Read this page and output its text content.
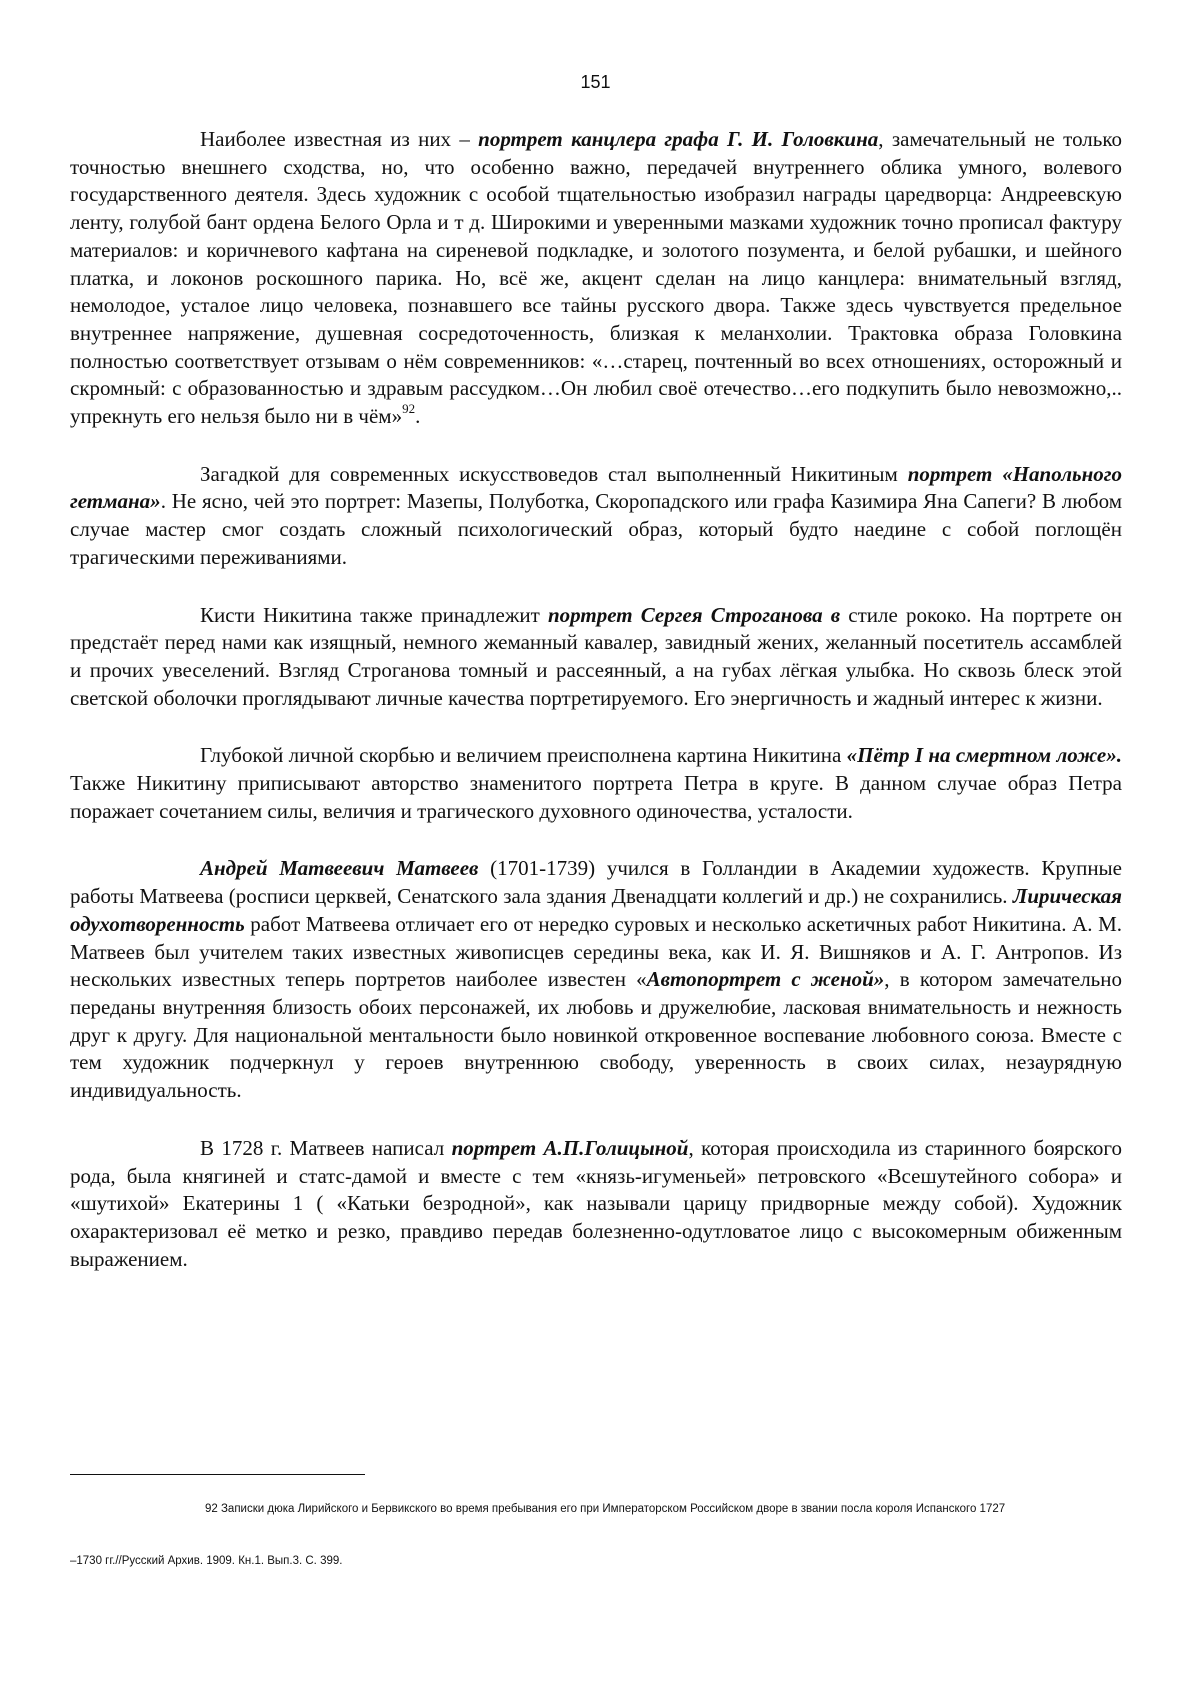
151

Наиболее известная из них – портрет канцлера графа Г. И. Головкина, замечательный не только точностью внешнего сходства, но, что особенно важно, передачей внутреннего облика умного, волевого государственного деятеля. Здесь художник с особой тщательностью изобразил награды царедворца: Андреевскую ленту, голубой бант ордена Белого Орла и т д. Широкими и уверенными мазками художник точно прописал фактуру материалов: и коричневого кафтана на сиреневой подкладке, и золотого позумента, и белой рубашки, и шейного платка, и локонов роскошного парика. Но, всё же, акцент сделан на лицо канцлера: внимательный взгляд, немолодое, усталое лицо человека, познавшего все тайны русского двора. Также здесь чувствуется предельное внутреннее напряжение, душевная сосредоточенность, близкая к меланхолии. Трактовка образа Головкина полностью соответствует отзывам о нём современников: «…старец, почтенный во всех отношениях, осторожный и скромный: с образованностью и здравым рассудком…Он любил своё отечество…его подкупить было невозможно,.. упрекнуть его нельзя было ни в чём»$^{92}$.

Загадкой для современных искусствоведов стал выполненный Никитиным портрет «Напольного гетмана». Не ясно, чей это портрет: Мазепы, Полуботка, Скоропадского или графа Казимира Яна Сапеги? В любом случае мастер смог создать сложный психологический образ, который будто наедине с собой поглощён трагическими переживаниями.

Кисти Никитина также принадлежит портрет Сергея Строганова в стиле рококо. На портрете он предстаёт перед нами как изящный, немного жеманный кавалер, завидный жених, желанный посетитель ассамблей и прочих увеселений. Взгляд Строганова томный и рассеянный, а на губах лёгкая улыбка. Но сквозь блеск этой светской оболочки проглядывают личные качества портретируемого. Его энергичность и жадный интерес к жизни.

Глубокой личной скорбью и величием преисполнена картина Никитина «Пётр I на смертном ложе». Также Никитину приписывают авторство знаменитого портрета Петра в круге. В данном случае образ Петра поражает сочетанием силы, величия и трагического духовного одиночества, усталости.

Андрей Матвеевич Матвеев (1701-1739) учился в Голландии в Академии художеств. Крупные работы Матвеева (росписи церквей, Сенатского зала здания Двенадцати коллегий и др.) не сохранились. Лирическая одухотворенность работ Матвеева отличает его от нередко суровых и несколько аскетичных работ Никитина. А. М. Матвеев был учителем таких известных живописцев середины века, как И. Я. Вишняков и А. Г. Антропов. Из нескольких известных теперь портретов наиболее известен «Автопортрет с женой», в котором замечательно переданы внутренняя близость обоих персонажей, их любовь и дружелюбие, ласковая внимательность и нежность друг к другу. Для национальной ментальности было новинкой откровенное воспевание любовного союза. Вместе с тем художник подчеркнул у героев внутреннюю свободу, уверенность в своих силах, незаурядную индивидуальность.

В 1728 г. Матвеев написал портрет А.П.Голицыной, которая происходила из старинного боярского рода, была княгиней и статс-дамой и вместе с тем «князь-игуменьей» петровского «Всешутейного собора» и «шутихой» Екатерины 1 ( «Катьки безродной», как называли царицу придворные между собой). Художник охарактеризовал её метко и резко, правдиво передав болезненно-одутловатое лицо с высокомерным обиженным выражением.

92 Записки дюка Лирийского и Бервикского во время пребывания его при Императорском Российском дворе в звании посла короля Испанского 1727
–1730 гг.//Русский Архив. 1909. Кн.1. Вып.3. С. 399.
